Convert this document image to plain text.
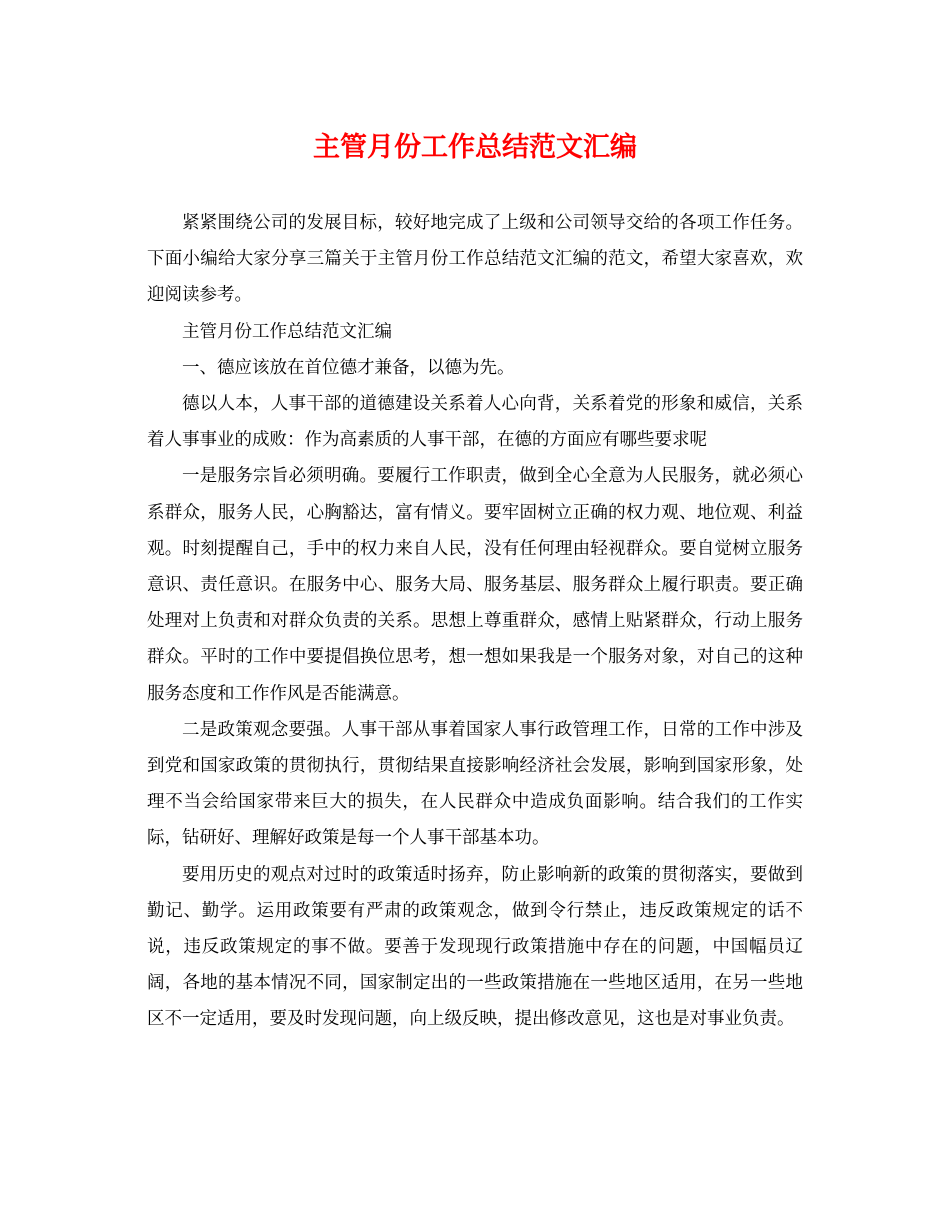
主管月份工作总结范文汇编

紧紧围绕公司的发展目标，较好地完成了上级和公司领导交给的各项工作任务。下面小编给大家分享三篇关于主管月份工作总结范文汇编的范文，希望大家喜欢，欢迎阅读参考。

主管月份工作总结范文汇编

一、德应该放在首位德才兼备，以德为先。

德以人本，人事干部的道德建设关系着人心向背，关系着党的形象和威信，关系着人事事业的成败：作为高素质的人事干部，在德的方面应有哪些要求呢

一是服务宗旨必须明确。要履行工作职责，做到全心全意为人民服务，就必须心系群众，服务人民，心胸豁达，富有情义。要牢固树立正确的权力观、地位观、利益观。时刻提醒自己，手中的权力来自人民，没有任何理由轻视群众。要自觉树立服务意识、责任意识。在服务中心、服务大局、服务基层、服务群众上履行职责。要正确处理对上负责和对群众负责的关系。思想上尊重群众，感情上贴紧群众，行动上服务群众。平时的工作中要提倡换位思考，想一想如果我是一个服务对象，对自己的这种服务态度和工作作风是否能满意。

二是政策观念要强。人事干部从事着国家人事行政管理工作，日常的工作中涉及到党和国家政策的贯彻执行，贯彻结果直接影响经济社会发展，影响到国家形象，处理不当会给国家带来巨大的损失，在人民群众中造成负面影响。结合我们的工作实际，钻研好、理解好政策是每一个人事干部基本功。

要用历史的观点对过时的政策适时扬弃，防止影响新的政策的贯彻落实，要做到勤记、勤学。运用政策要有严肃的政策观念，做到令行禁止，违反政策规定的话不说，违反政策规定的事不做。要善于发现现行政策措施中存在的问题，中国幅员辽阔，各地的基本情况不同，国家制定出的一些政策措施在一些地区适用，在另一些地区不一定适用，要及时发现问题，向上级反映，提出修改意见，这也是对事业负责。
